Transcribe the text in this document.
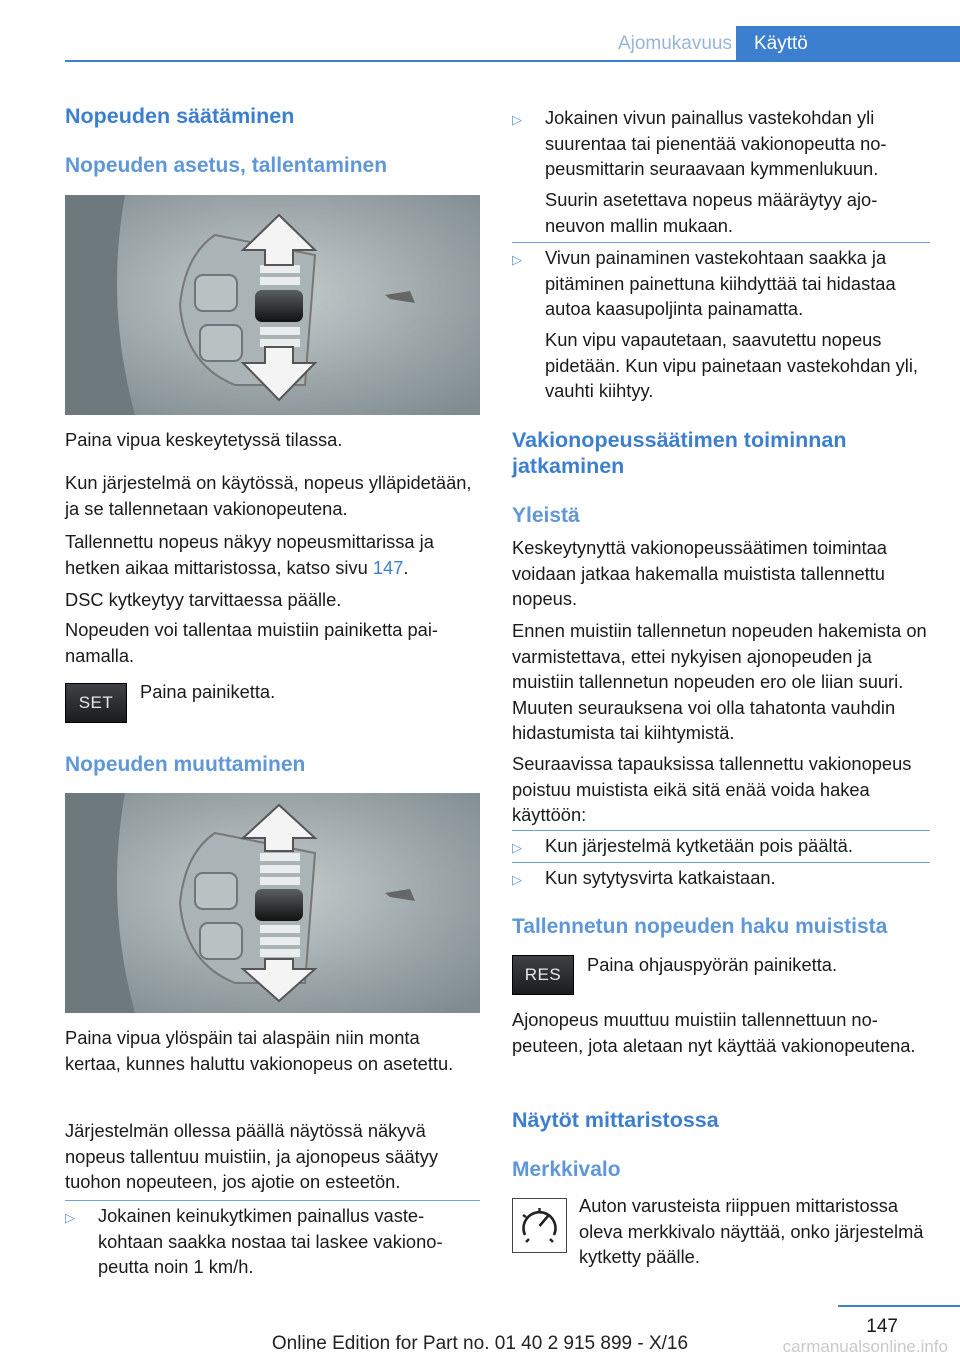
Ajomukavuus	Käyttö
Nopeuden säätäminen
Nopeuden asetus, tallentaminen

Paina vipua keskeytetyssä tilassa.

Kun järjestelmä on käytössä, nopeus ylläpidetään, ja se tallennetaan vakionopeutena.

Tallennettu nopeus näkyy nopeusmittarissa ja hetken aikaa mittaristossa, katso sivu 147.

DSC kytkeytyy tarvittaessa päälle.

Nopeuden voi tallentaa muistiin painiketta painamalla.

SET

Paina painiketta.

Nopeuden muuttaminen

Paina vipua ylöspäin tai alaspäin niin monta kertaa, kunnes haluttu vakionopeus on asetettu.

Järjestelmän ollessa päällä näytössä näkyvä nopeus tallentuu muistiin, ja ajonopeus säätyy tuohon nopeuteen, jos ajotie on esteetön.

▷ Jokainen keinukytkimen painallus vastekohtaan saakka nostaa tai laskee vakionopeutta noin 1 km/h.
▷ Jokainen vivun painallus vastekohdan yli suurentaa tai pienentää vakionopeutta nopeusmittarin seuraavaan kymmenlukuun.
Suurin asetettava nopeus määräytyy ajoneuvon mallin mukaan.
▷ Vivun painaminen vastekohtaan saakka ja pitäminen painettuna kiihdyttää tai hidastaa autoa kaasupoljinta painamatta.
Kun vipu vapautetaan, saavutettu nopeus pidetään. Kun vipu painetaan vastekohdan yli, vauhti kiihtyy.
Vakionopeussäätimen toiminnan jatkaminen
Yleistä

Keskeytynyttä vakionopeussäätimen toimintaa voidaan jatkaa hakemalla muistista tallennettu nopeus.

Ennen muistiin tallennetun nopeuden hakemista on varmistettava, ettei nykyisen ajonopeuden ja muistiin tallennetun nopeuden ero ole liian suuri. Muuten seurauksena voi olla tahatonta vauhdin hidastumista tai kiihtymistä.

Seuraavissa tapauksissa tallennettu vakionopeus poistuu muistista eikä sitä enää voida hakea käyttöön:

▷ Kun järjestelmä kytketään pois päältä.
▷ Kun sytytysvirta katkaistaan.
Tallennetun nopeuden haku muistista
RES	Paina ohjauspyörän painiketta.

Ajonopeus muuttuu muistiin tallennettuun nopeuteen, jota aletaan nyt käyttää vakionopeutena.

Näytöt mittaristossa
Merkkivalo

Auton varusteista riippuen mittaristossa oleva merkkivalo näyttää, onko järjestelmä kytketty päälle.

147
Online Edition for Part no. 01 40 2 915 899 - X/16	carmanualsonline.info
